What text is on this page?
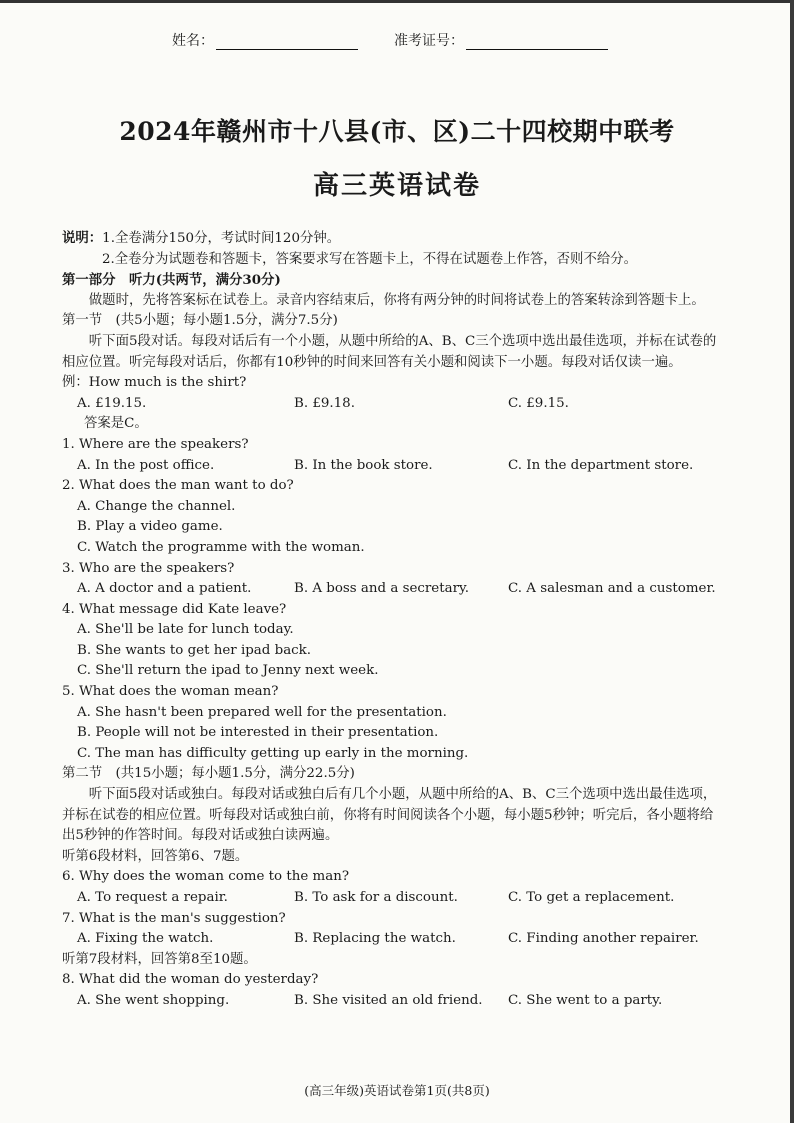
姓名：	准考证号：
2024年赣州市十八县(市、区)二十四校期中联考
高三英语试卷

说明：1.全卷满分150分，考试时间120分钟。

2.全卷分为试题卷和答题卡，答案要求写在答题卡上，不得在试题卷上作答，否则不给分。

第一部分　听力(共两节，满分30分)

做题时，先将答案标在试卷上。录音内容结束后，你将有两分钟的时间将试卷上的答案转涂到答题卡上。

第一节　(共5小题；每小题1.5分，满分7.5分)

听下面5段对话。每段对话后有一个小题，从题中所给的A、B、C三个选项中选出最佳选项，并标在试卷的相应位置。听完每段对话后，你都有10秒钟的时间来回答有关小题和阅读下一小题。每段对话仅读一遍。

例：How much is the shirt?

A. £19.15.	B. £9.18.	C. £9.15.

答案是C。

1. Where are the speakers?

A. In the post office.	B. In the book store.	C. In the department store.

2. What does the man want to do?

A. Change the channel.

B. Play a video game.

C. Watch the programme with the woman.

3. Who are the speakers?

A. A doctor and a patient.	B. A boss and a secretary.	C. A salesman and a customer.

4. What message did Kate leave?

A. She'll be late for lunch today.

B. She wants to get her ipad back.

C. She'll return the ipad to Jenny next week.

5. What does the woman mean?

A. She hasn't been prepared well for the presentation.

B. People will not be interested in their presentation.

C. The man has difficulty getting up early in the morning.

第二节　(共15小题；每小题1.5分，满分22.5分)

听下面5段对话或独白。每段对话或独白后有几个小题，从题中所给的A、B、C三个选项中选出最佳选项，并标在试卷的相应位置。听每段对话或独白前，你将有时间阅读各个小题，每小题5秒钟；听完后，各小题将给出5秒钟的作答时间。每段对话或独白读两遍。

听第6段材料，回答第6、7题。

6. Why does the woman come to the man?

A. To request a repair.	B. To ask for a discount.	C. To get a replacement.

7. What is the man's suggestion?

A. Fixing the watch.	B. Replacing the watch.	C. Finding another repairer.

听第7段材料，回答第8至10题。

8. What did the woman do yesterday?

A. She went shopping.	B. She visited an old friend.	C. She went to a party.
(高三年级)英语试卷第1页(共8页)
